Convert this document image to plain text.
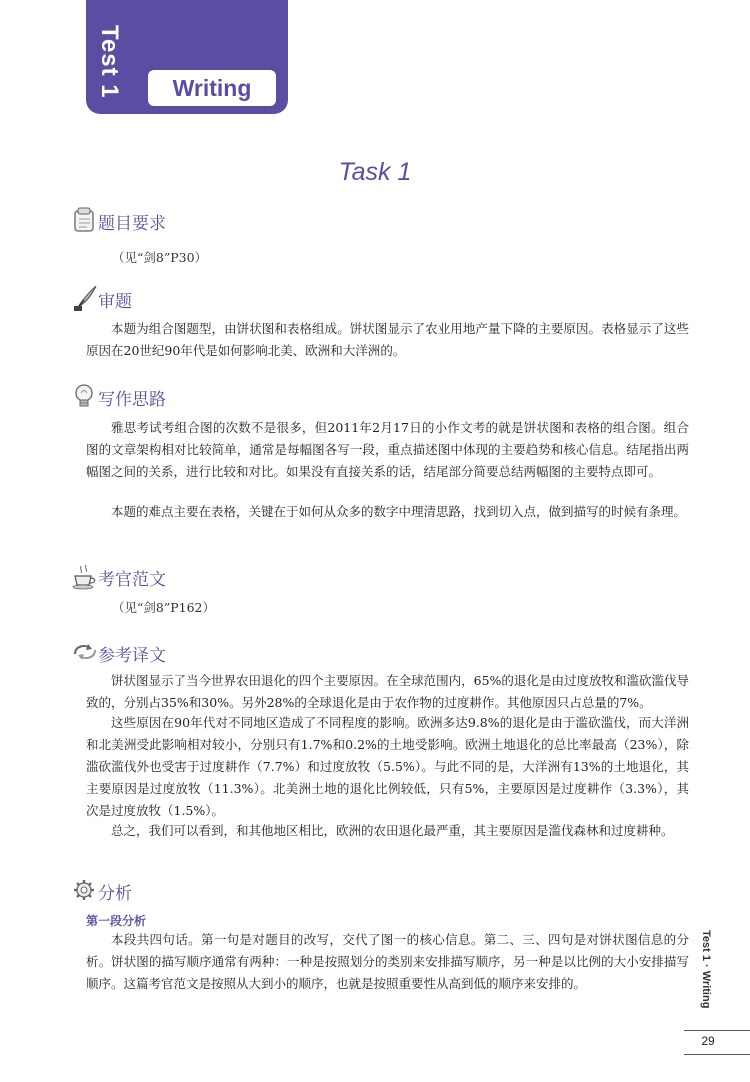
Test 1	Writing
Task 1
题目要求
（见“剑8”P30）
审题

本题为组合图题型，由饼状图和表格组成。饼状图显示了农业用地产量下降的主要原因。表格显示了这些原因在20世纪90年代是如何影响北美、欧洲和大洋洲的。

写作思路

雅思考试考组合图的次数不是很多，但2011年2月17日的小作文考的就是饼状图和表格的组合图。组合图的文章架构相对比较简单，通常是每幅图各写一段，重点描述图中体现的主要趋势和核心信息。结尾指出两幅图之间的关系，进行比较和对比。如果没有直接关系的话，结尾部分简要总结两幅图的主要特点即可。

本题的难点主要在表格，关键在于如何从众多的数字中理清思路，找到切入点，做到描写的时候有条理。

考官范文
（见“剑8”P162）
参考译文

饼状图显示了当今世界农田退化的四个主要原因。在全球范围内，65%的退化是由过度放牧和滥砍滥伐导致的，分别占35%和30%。另外28%的全球退化是由于农作物的过度耕作。其他原因只占总量的7%。

这些原因在90年代对不同地区造成了不同程度的影响。欧洲多达9.8%的退化是由于滥砍滥伐，而大洋洲和北美洲受此影响相对较小，分别只有1.7%和0.2%的土地受影响。欧洲土地退化的总比率最高（23%），除滥砍滥伐外也受害于过度耕作（7.7%）和过度放牧（5.5%）。与此不同的是，大洋洲有13%的土地退化，其主要原因是过度放牧（11.3%）。北美洲土地的退化比例较低，只有5%，主要原因是过度耕作（3.3%），其次是过度放牧（1.5%）。

总之，我们可以看到，和其他地区相比，欧洲的农田退化最严重，其主要原因是滥伐森林和过度耕种。

分析
第一段分析

本段共四句话。第一句是对题目的改写，交代了图一的核心信息。第二、三、四句是对饼状图信息的分析。饼状图的描写顺序通常有两种：一种是按照划分的类别来安排描写顺序，另一种是以比例的大小安排描写顺序。这篇考官范文是按照从大到小的顺序，也就是按照重要性从高到低的顺序来安排的。	Test 1 · Writing
29
